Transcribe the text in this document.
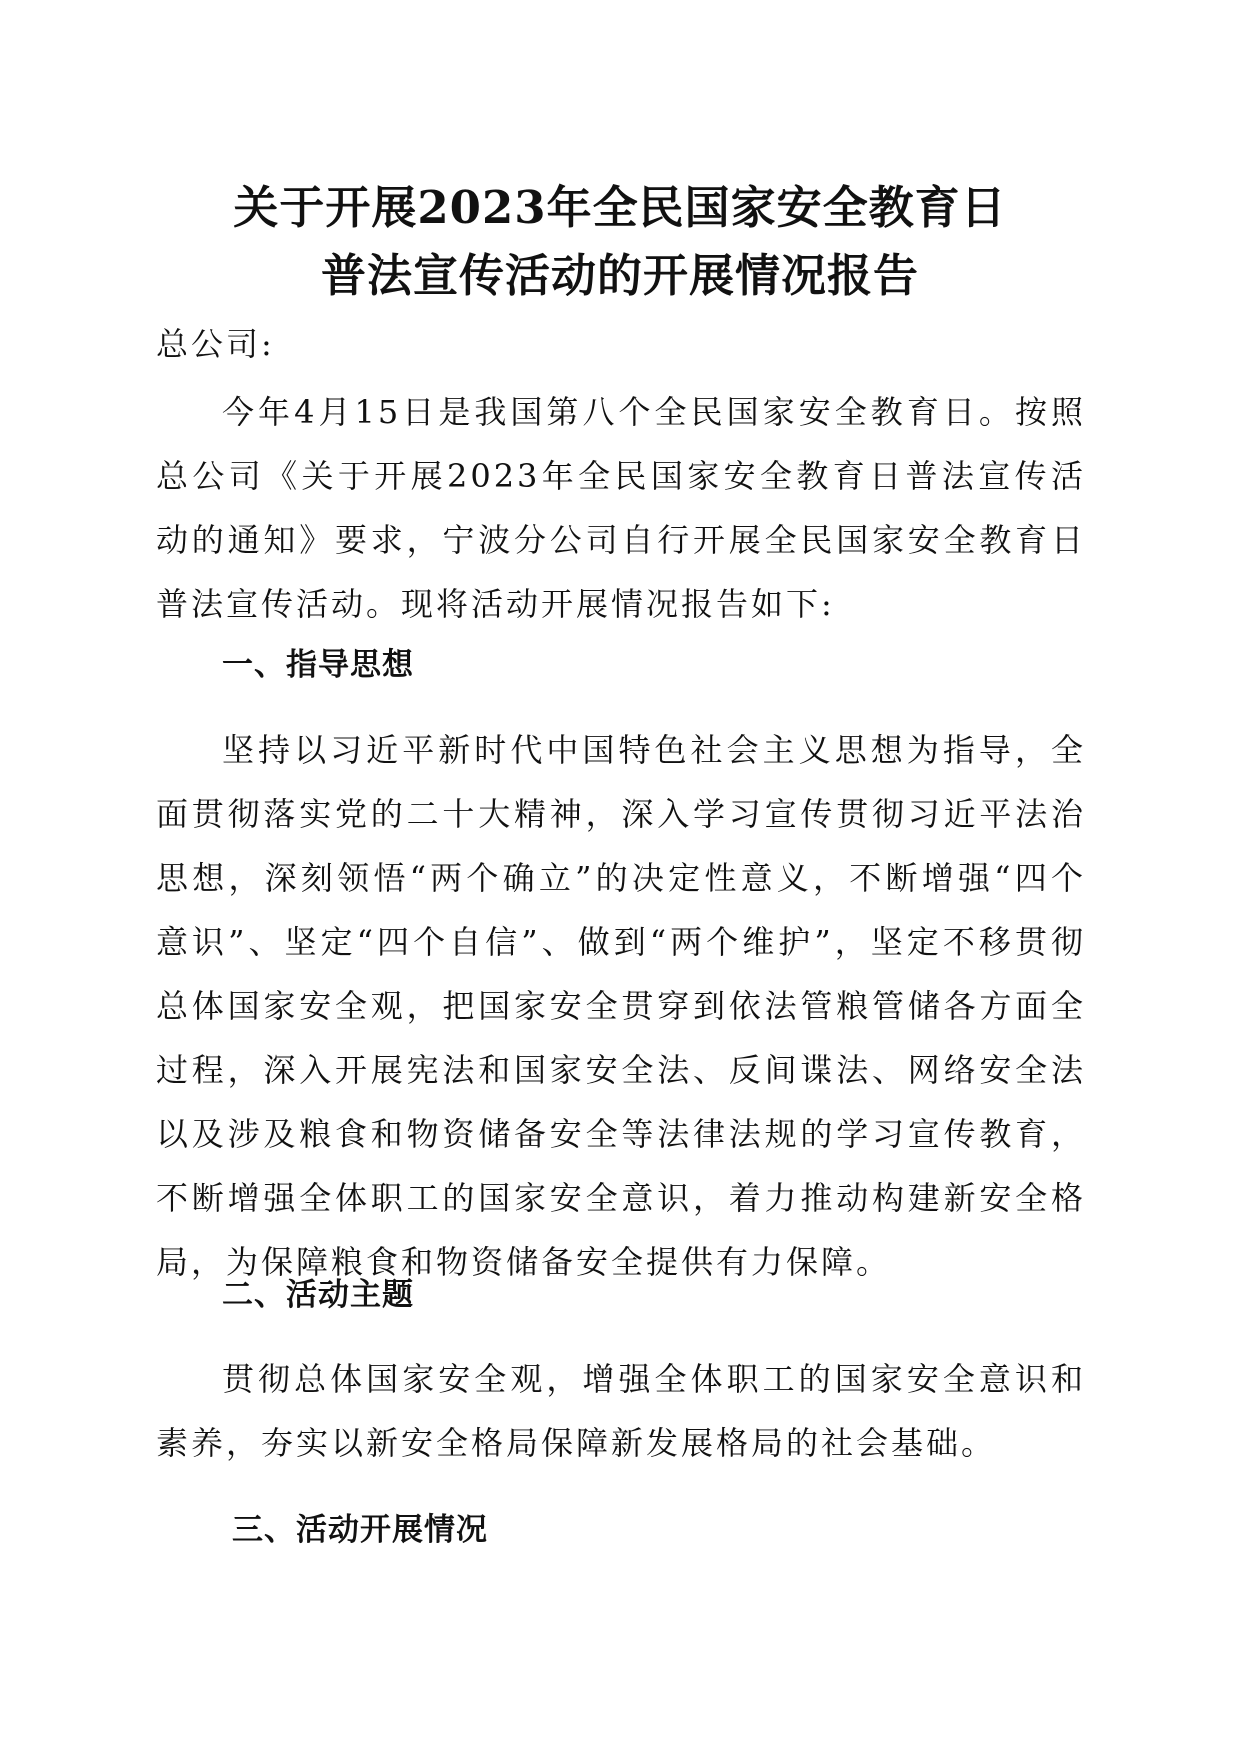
关于开展2023年全民国家安全教育日
普法宣传活动的开展情况报告

总公司:

今年4月15日是我国第八个全民国家安全教育日。按照总公司《关于开展2023年全民国家安全教育日普法宣传活动的通知》要求，宁波分公司自行开展全民国家安全教育日普法宣传活动。现将活动开展情况报告如下:

一、指导思想

坚持以习近平新时代中国特色社会主义思想为指导，全面贯彻落实党的二十大精神，深入学习宣传贯彻习近平法治思想，深刻领悟“两个确立”的决定性意义，不断增强“四个意识”、坚定“四个自信”、做到“两个维护”，坚定不移贯彻总体国家安全观，把国家安全贯穿到依法管粮管储各方面全过程，深入开展宪法和国家安全法、反间谍法、网络安全法以及涉及粮食和物资储备安全等法律法规的学习宣传教育，不断增强全体职工的国家安全意识，着力推动构建新安全格局，为保障粮食和物资储备安全提供有力保障。

二、活动主题

贯彻总体国家安全观，增强全体职工的国家安全意识和素养，夯实以新安全格局保障新发展格局的社会基础。

三、活动开展情况
